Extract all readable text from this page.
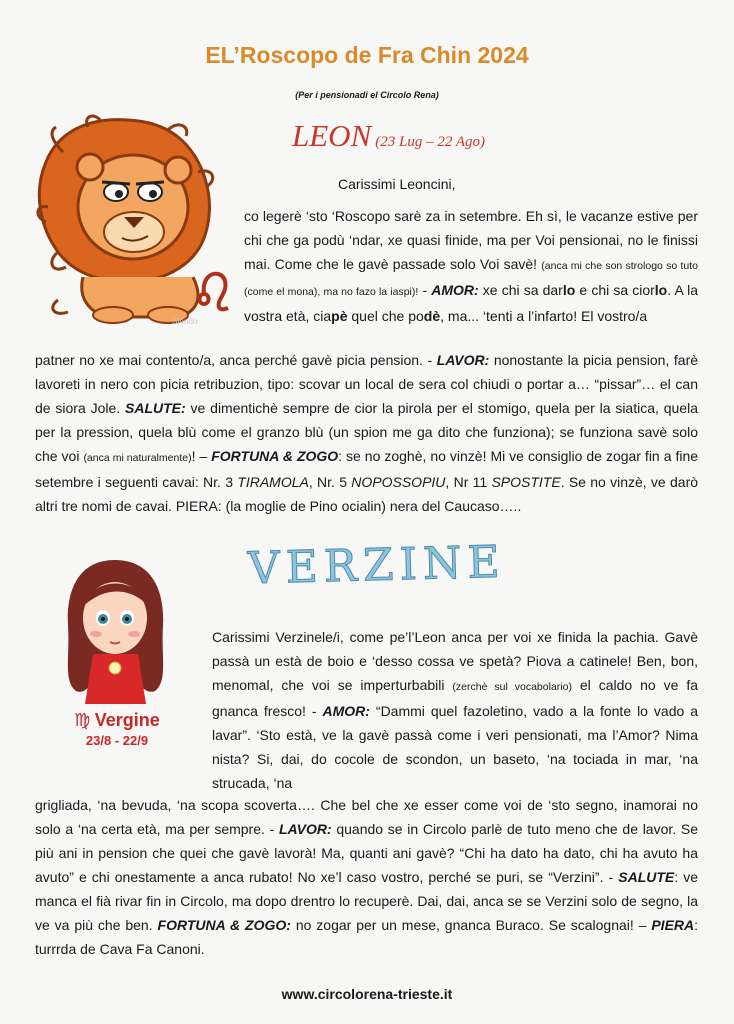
EL’Roscopo de Fra Chin 2024
(Per i pensionadi el Circolo Rena)
Sfondo
LEON (23 Lug – 22 Ago)
Carissimi Leoncini,
co legerè ‘sto ‘Roscopo sarè za in setembre. Eh sì, le vacanze estive per chi che ga podù ‘ndar, xe quasi finide, ma per Voi pensionai, no le finissi mai. Come che le gavè passade solo Voi savè! (anca mi che son strologo so tuto (come el mona), ma no fazo la iaspi)! - AMOR: xe chi sa darlo e chi sa ciorlo. A la vostra età, ciapè quel che podè, ma... ‘tenti a l’infarto! El vostro/a
patner no xe mai contento/a, anca perché gavè picia pension. - LAVOR: nonostante la picia pension, farè lavoreti in nero con picia retribuzion, tipo: scovar un local de sera col chiudi o portar a… “pissar”… el can de siora Jole. SALUTE: ve dimentichè sempre de cior la pirola per el stomigo, quela per la siatica, quela per la pression, quela blù come el granzo blù (un spion me ga dito che funziona); se funziona savè solo che voi (anca mi naturalmente)! – FORTUNA & ZOGO: se no zoghè, no vinzè! Mi ve consiglio de zogar fin a fine setembre i seguenti cavai: Nr. 3 TIRAMOLA, Nr. 5 NOPOSSOPIU, Nr 11 SPOSTITE. Se no vinzè, ve darò altri tre nomi de cavai. PIERA: (la moglie de Pino ocialin) nera del Caucaso…..
VERZINE
♍ Vergine
23/8 - 22/9
Carissimi Verzinele/i, come pe’l’Leon anca per voi xe finida la pachia. Gavè passà un està de boio e ‘desso cossa ve spetà? Piova a catinele! Ben, bon, menomal, che voi se imperturbabili (zerchè sul vocabolario) el caldo no ve fa gnanca fresco! - AMOR: “Dammi quel fazoletino, vado a la fonte lo vado a lavar”. ‘Sto està, ve la gavè passà come i veri pensionati, ma l’Amor? Nima nista? Si, dai, do cocole de scondon, un baseto, ‘na tociada in mar, ‘na strucada, ‘na
grigliada, ‘na bevuda, ‘na scopa scoverta…. Che bel che xe esser come voi de ‘sto segno, inamorai no solo a ‘na certa età, ma per sempre. - LAVOR: quando se in Circolo parlè de tuto meno che de lavor. Se più ani in pension che quei che gavè lavorà! Ma, quanti ani gavè? “Chi ha dato ha dato, chi ha avuto ha avuto” e chi onestamente a anca rubato! No xe’l caso vostro, perché se puri, se “Verzini”. - SALUTE: ve manca el fià rivar fin in Circolo, ma dopo drentro lo recuperè. Dai, dai, anca se se Verzini solo de segno, la ve va più che ben. FORTUNA & ZOGO: no zogar per un mese, gnanca Buraco. Se scalognai! – PIERA: turrrda de Cava Fa Canoni.
www.circolorena-trieste.it
